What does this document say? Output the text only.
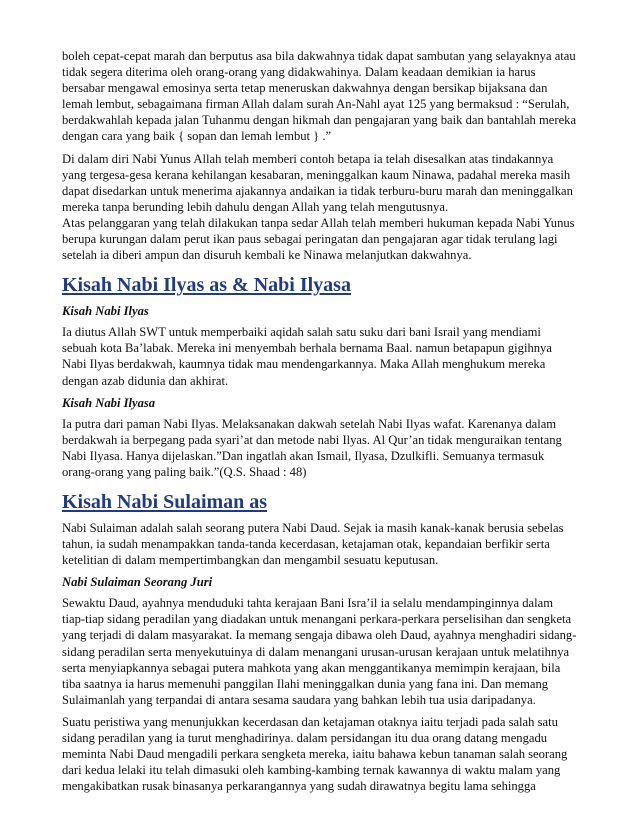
boleh cepat-cepat marah dan berputus asa bila dakwahnya tidak dapat sambutan yang selayaknya atau tidak segera diterima oleh orang-orang yang didakwahinya. Dalam keadaan demikian ia harus bersabar mengawal emosinya serta tetap meneruskan dakwahnya dengan bersikap bijaksana dan lemah lembut, sebagaimana firman Allah dalam surah An-Nahl ayat 125 yang bermaksud : “Serulah, berdakwahlah kepada jalan Tuhanmu dengan hikmah dan pengajaran yang baik dan bantahlah mereka dengan cara yang baik { sopan dan lemah lembut } .”

Di dalam diri Nabi Yunus Allah telah memberi contoh betapa ia telah disesalkan atas tindakannya yang tergesa-gesa kerana kehilangan kesabaran, meninggalkan kaum Ninawa, padahal mereka masih dapat disedarkan untuk menerima ajakannya andaikan ia tidak terburu-buru marah dan meninggalkan mereka tanpa berunding lebih dahulu dengan Allah yang telah mengutusnya.

Atas pelanggaran yang telah dilakukan tanpa sedar Allah telah memberi hukuman kepada Nabi Yunus berupa kurungan dalam perut ikan paus sebagai peringatan dan pengajaran agar tidak terulang lagi setelah ia diberi ampun dan disuruh kembali ke Ninawa melanjutkan dakwahnya.

Kisah Nabi Ilyas as & Nabi Ilyasa
Kisah Nabi Ilyas

Ia diutus Allah SWT untuk memperbaiki aqidah salah satu suku dari bani Israil yang mendiami sebuah kota Ba’labak. Mereka ini menyembah berhala bernama Baal. namun betapapun gigihnya Nabi Ilyas berdakwah, kaumnya tidak mau mendengarkannya. Maka Allah menghukum mereka dengan azab didunia dan akhirat.

Kisah Nabi Ilyasa

Ia putra dari paman Nabi Ilyas. Melaksanakan dakwah setelah Nabi Ilyas wafat. Karenanya dalam berdakwah ia berpegang pada syari’at dan metode nabi Ilyas. Al Qur’an tidak menguraikan tentang Nabi Ilyasa. Hanya dijelaskan.”Dan ingatlah akan Ismail, Ilyasa, Dzulkifli. Semuanya termasuk orang-orang yang paling baik.”(Q.S. Shaad : 48)

Kisah Nabi Sulaiman as

Nabi Sulaiman adalah salah seorang putera Nabi Daud. Sejak ia masih kanak-kanak berusia sebelas tahun, ia sudah menampakkan tanda-tanda kecerdasan, ketajaman otak, kepandaian berfikir serta ketelitian di dalam mempertimbangkan dan mengambil sesuatu keputusan.

Nabi Sulaiman Seorang Juri

Sewaktu Daud, ayahnya menduduki tahta kerajaan Bani Isra’il ia selalu mendampinginnya dalam tiap-tiap sidang peradilan yang diadakan untuk menangani perkara-perkara perselisihan dan sengketa yang terjadi di dalam masyarakat. Ia memang sengaja dibawa oleh Daud, ayahnya menghadiri sidang-sidang peradilan serta menyekutuinya di dalam menangani urusan-urusan kerajaan untuk melatihnya serta menyiapkannya sebagai putera mahkota yang akan menggantikanya memimpin kerajaan, bila tiba saatnya ia harus memenuhi panggilan Ilahi meninggalkan dunia yang fana ini. Dan memang Sulaimanlah yang terpandai di antara sesama saudara yang bahkan lebih tua usia daripadanya.

Suatu peristiwa yang menunjukkan kecerdasan dan ketajaman otaknya iaitu terjadi pada salah satu sidang peradilan yang ia turut menghadirinya. dalam persidangan itu dua orang datang mengadu meminta Nabi Daud mengadili perkara sengketa mereka, iaitu bahawa kebun tanaman salah seorang dari kedua lelaki itu telah dimasuki oleh kambing-kambing ternak kawannya di waktu malam yang mengakibatkan rusak binasanya perkarangannya yang sudah dirawatnya begitu lama sehingga
